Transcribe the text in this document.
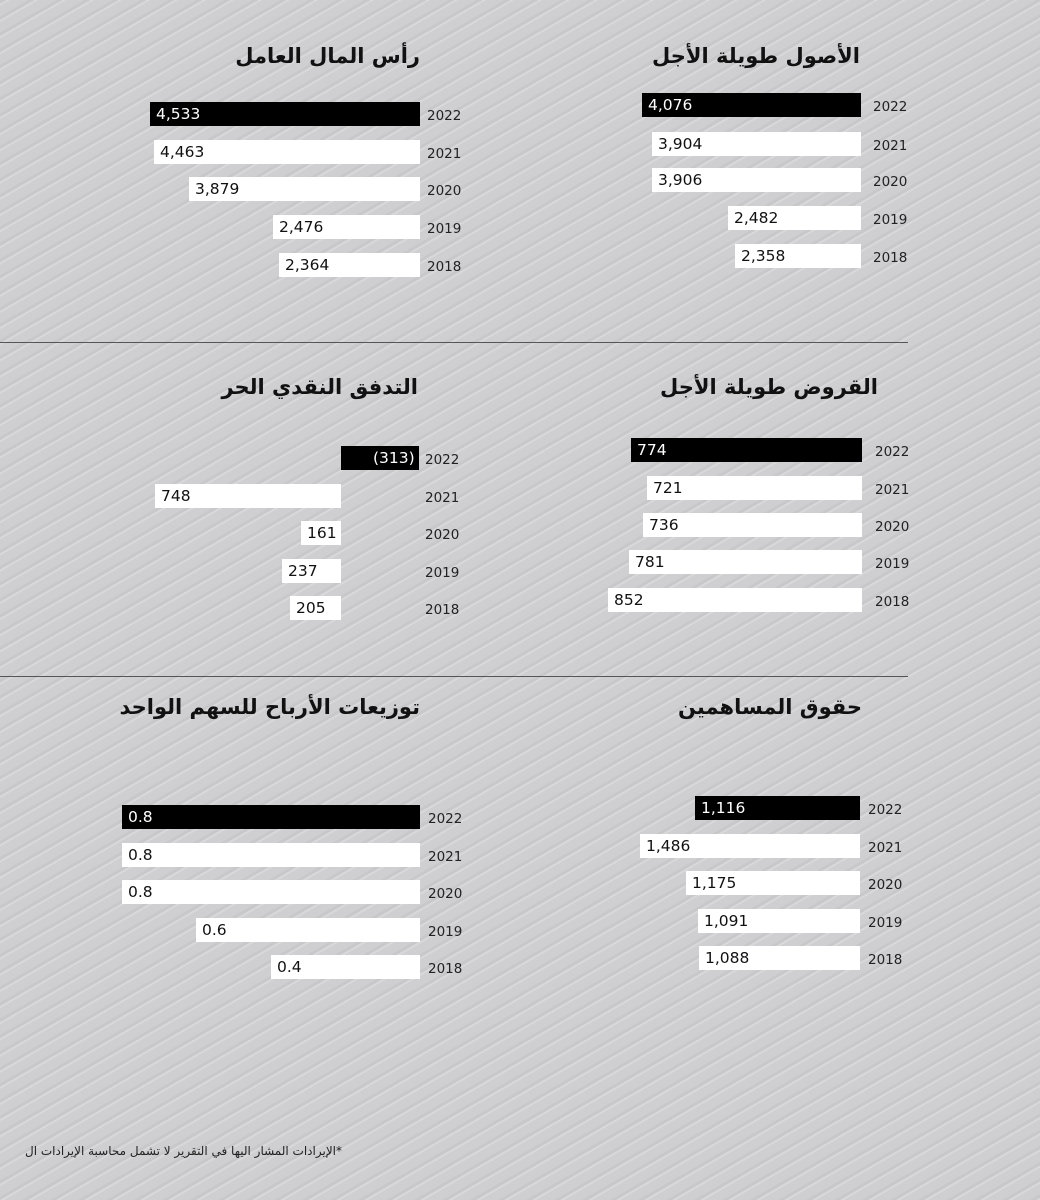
الأصول طويلة الأجل
4,076	2022
3,904	2021
3,906	2020
2,482	2019
2,358	2018
رأس المال العامل
4,533	2022
4,463	2021
3,879	2020
2,476	2019
2,364	2018
القروض طويلة الأجل
774	2022
721	2021
736	2020
781	2019
852	2018
التدفق النقدي الحر
(313) 2022
748	2021
161	2020
237	2019
205	2018
حقوق المساهمين
1,116	2022
1,486	2021
1,175	2020
1,091	2019
1,088	2018
توزيعات الأرباح للسهم الواحد
0.8	2022
0.8	2021
0.8	2020
0.6	2019
0.4	2018
*الإيرادات المشار اليها في التقرير لا تشمل محاسبة الإيرادات ال
